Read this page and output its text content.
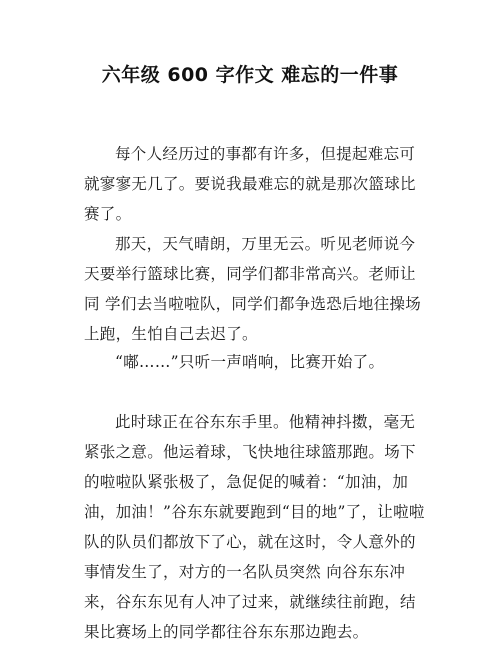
六年级 600 字作文 难忘的一件事

每个人经历过的事都有许多，但提起难忘可就寥寥无几了。要说我最难忘的就是那次篮球比赛了。

那天，天气晴朗，万里无云。听见老师说今天要举行篮球比赛，同学们都非常高兴。老师让同 学们去当啦啦队，同学们都争选恐后地往操场上跑，生怕自己去迟了。

“嘟……”只听一声哨响，比赛开始了。

此时球正在谷东东手里。他精神抖擞，毫无紧张之意。他运着球，飞快地往球篮那跑。场下的啦啦队紧张极了，急促促的喊着：“加油，加油，加油！”谷东东就要跑到“目的地”了，让啦啦队的队员们都放下了心，就在这时，令人意外的事情发生了，对方的一名队员突然 向谷东东冲来，谷东东见有人冲了过来，就继续往前跑，结果比赛场上的同学都往谷东东那边跑去。
